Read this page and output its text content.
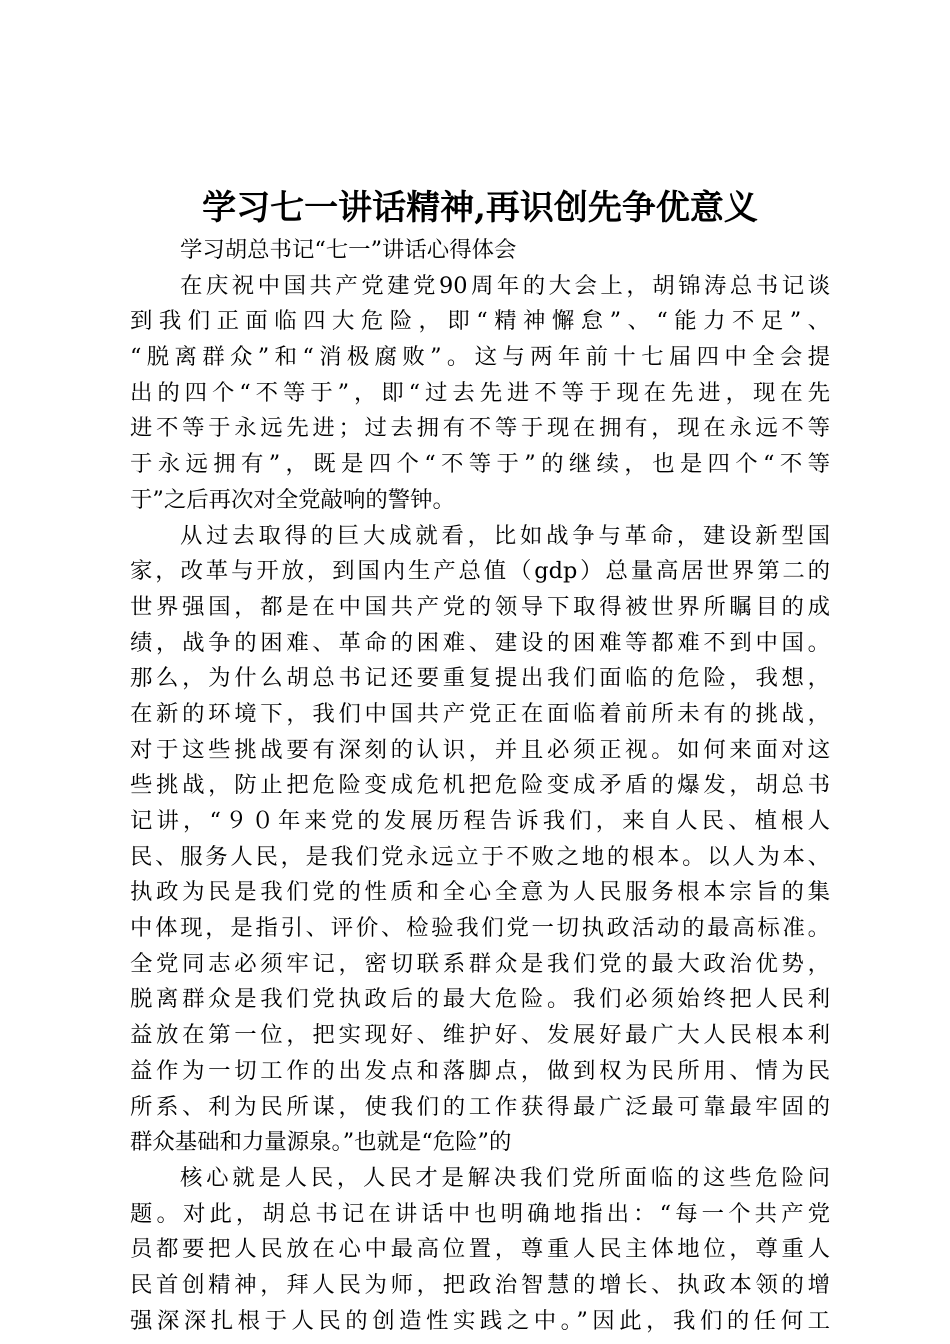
学习七一讲话精神,再识创先争优意义
学习胡总书记“七一”讲话心得体会
在庆祝中国共产党建党90周年的大会上，胡锦涛总书记谈
到我们正面临四大危险，即“精神懈怠”、“能力不足”、
“脱离群众”和“消极腐败”。这与两年前十七届四中全会提
出的四个“不等于”，即“过去先进不等于现在先进，现在先
进不等于永远先进；过去拥有不等于现在拥有，现在永远不等
于永远拥有”，既是四个“不等于”的继续，也是四个“不等
于”之后再次对全党敲响的警钟。
从过去取得的巨大成就看，比如战争与革命，建设新型国
家，改革与开放，到国内生产总值（gdp）总量高居世界第二的
世界强国，都是在中国共产党的领导下取得被世界所瞩目的成
绩，战争的困难、革命的困难、建设的困难等都难不到中国。
那么，为什么胡总书记还要重复提出我们面临的危险，我想，
在新的环境下，我们中国共产党正在面临着前所未有的挑战，
对于这些挑战要有深刻的认识，并且必须正视。如何来面对这
些挑战，防止把危险变成危机把危险变成矛盾的爆发，胡总书
记讲，“９０年来党的发展历程告诉我们，来自人民、植根人
民、服务人民，是我们党永远立于不败之地的根本。以人为本、
执政为民是我们党的性质和全心全意为人民服务根本宗旨的集
中体现，是指引、评价、检验我们党一切执政活动的最高标准。
全党同志必须牢记，密切联系群众是我们党的最大政治优势，
脱离群众是我们党执政后的最大危险。我们必须始终把人民利
益放在第一位，把实现好、维护好、发展好最广大人民根本利
益作为一切工作的出发点和落脚点，做到权为民所用、情为民
所系、利为民所谋，使我们的工作获得最广泛最可靠最牢固的
群众基础和力量源泉。”也就是“危险”的
核心就是人民，人民才是解决我们党所面临的这些危险问
题。对此，胡总书记在讲话中也明确地指出：“每一个共产党
员都要把人民放在心中最高位置，尊重人民主体地位，尊重人
民首创精神，拜人民为师，把政治智慧的增长、执政本领的增
强深深扎根于人民的创造性实践之中。”因此，我们的任何工
